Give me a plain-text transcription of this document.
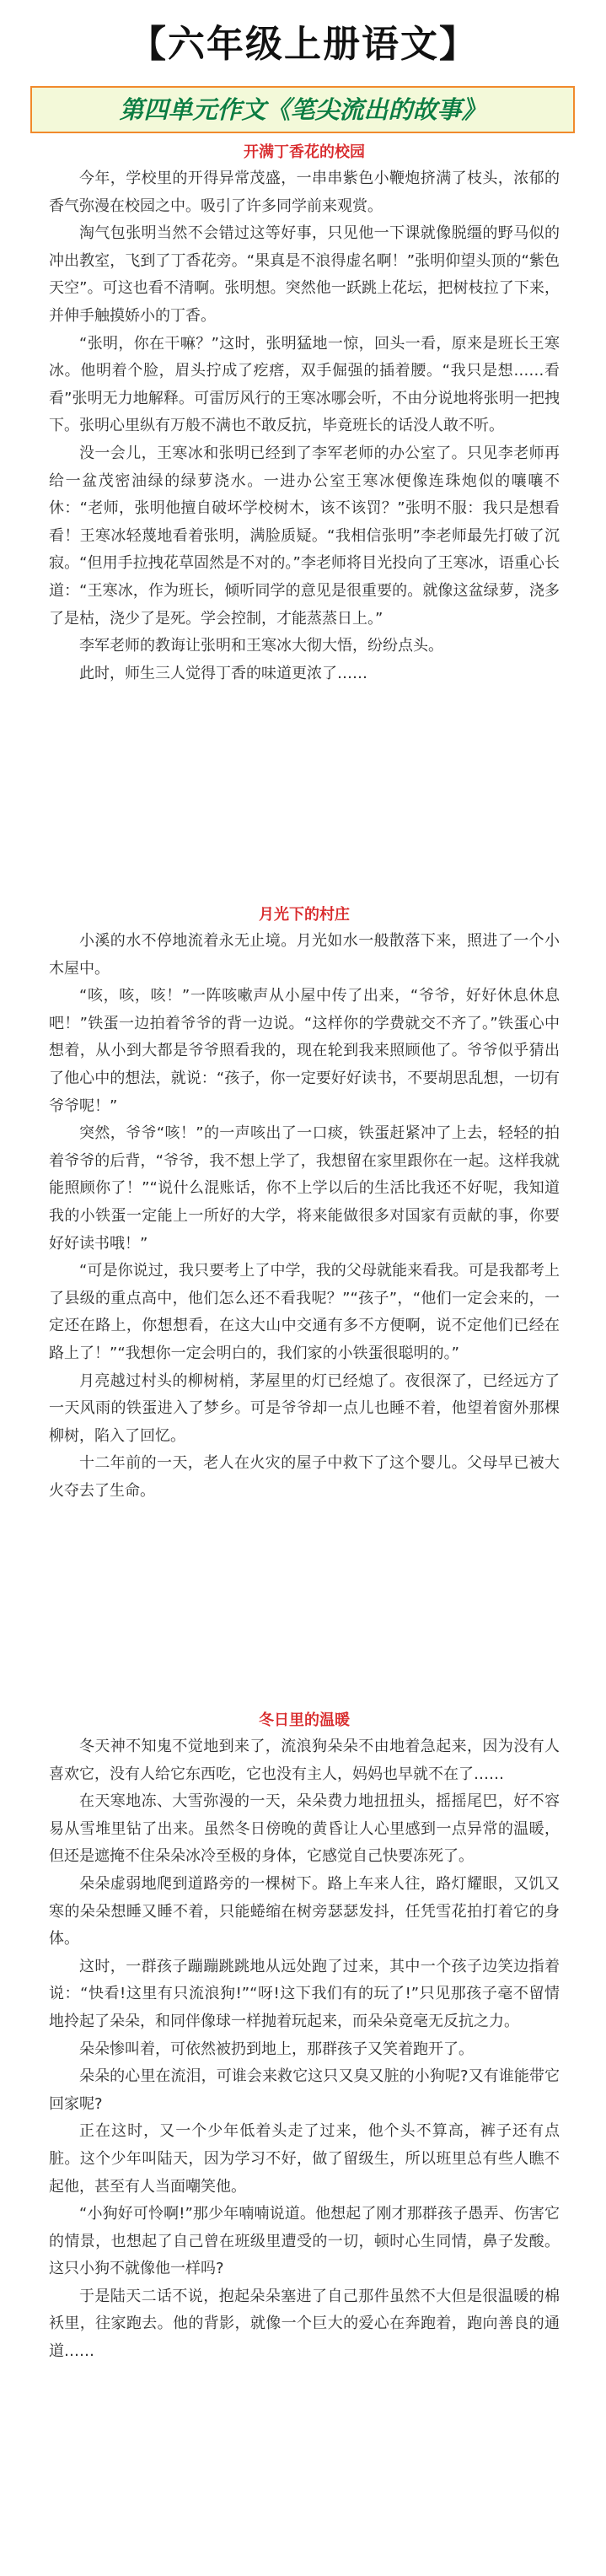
【六年级上册语文】
第四单元作文《笔尖流出的故事》
开满丁香花的校园

今年，学校里的开得异常茂盛，一串串紫色小鞭炮挤满了枝头，浓郁的香气弥漫在校园之中。吸引了许多同学前来观赏。

淘气包张明当然不会错过这等好事，只见他一下课就像脱缰的野马似的冲出教室，飞到了丁香花旁。“果真是不浪得虚名啊！”张明仰望头顶的“紫色天空”。可这也看不清啊。张明想。突然他一跃跳上花坛，把树枝拉了下来，并伸手触摸娇小的丁香。

“张明，你在干嘛？”这时，张明猛地一惊，回头一看，原来是班长王寒冰。他明着个脸，眉头拧成了疙瘩，双手倔强的插着腰。“我只是想……看看”张明无力地解释。可雷厉风行的王寒冰哪会听，不由分说地将张明一把拽下。张明心里纵有万般不满也不敢反抗，毕竟班长的话没人敢不听。

没一会儿，王寒冰和张明已经到了李军老师的办公室了。只见李老师再给一盆茂密油绿的绿萝浇水。一进办公室王寒冰便像连珠炮似的嚷嚷不休：“老师，张明他擅自破坏学校树木，该不该罚？”张明不服：我只是想看看！王寒冰轻蔑地看着张明，满脸质疑。“我相信张明”李老师最先打破了沉寂。“但用手拉拽花草固然是不对的。”李老师将目光投向了王寒冰，语重心长道：“王寒冰，作为班长，倾听同学的意见是很重要的。就像这盆绿萝，浇多了是枯，浇少了是死。学会控制，才能蒸蒸日上。”

李军老师的教诲让张明和王寒冰大彻大悟，纷纷点头。

此时，师生三人觉得丁香的味道更浓了……

月光下的村庄

小溪的水不停地流着永无止境。月光如水一般散落下来，照进了一个小木屋中。

“咳，咳，咳！”一阵咳嗽声从小屋中传了出来，“爷爷，好好休息休息吧！”铁蛋一边拍着爷爷的背一边说。“这样你的学费就交不齐了。”铁蛋心中想着，从小到大都是爷爷照看我的，现在轮到我来照顾他了。爷爷似乎猜出了他心中的想法，就说：“孩子，你一定要好好读书，不要胡思乱想，一切有爷爷呢！”

突然，爷爷“咳！”的一声咳出了一口痰，铁蛋赶紧冲了上去，轻轻的拍着爷爷的后背，“爷爷，我不想上学了，我想留在家里跟你在一起。这样我就能照顾你了！”“说什么混账话，你不上学以后的生活比我还不好呢，我知道我的小铁蛋一定能上一所好的大学，将来能做很多对国家有贡献的事，你要好好读书哦！”

“可是你说过，我只要考上了中学，我的父母就能来看我。可是我都考上了县级的重点高中，他们怎么还不看我呢？”“孩子”，“他们一定会来的，一定还在路上，你想想看，在这大山中交通有多不方便啊，说不定他们已经在路上了！”“我想你一定会明白的，我们家的小铁蛋很聪明的。”

月亮越过村头的柳树梢，茅屋里的灯已经熄了。夜很深了，已经远方了一天风雨的铁蛋进入了梦乡。可是爷爷却一点儿也睡不着，他望着窗外那棵柳树，陷入了回忆。

十二年前的一天，老人在火灾的屋子中救下了这个婴儿。父母早已被大火夺去了生命。

冬日里的温暖

冬天神不知鬼不觉地到来了，流浪狗朵朵不由地着急起来，因为没有人喜欢它，没有人给它东西吃，它也没有主人，妈妈也早就不在了……

在天寒地冻、大雪弥漫的一天，朵朵费力地扭扭头，摇摇尾巴，好不容易从雪堆里钻了出来。虽然冬日傍晚的黄昏让人心里感到一点异常的温暖，但还是遮掩不住朵朵冰冷至极的身体，它感觉自己快要冻死了。

朵朵虚弱地爬到道路旁的一棵树下。路上车来人往，路灯耀眼，又饥又寒的朵朵想睡又睡不着，只能蜷缩在树旁瑟瑟发抖，任凭雪花拍打着它的身体。

这时，一群孩子蹦蹦跳跳地从远处跑了过来，其中一个孩子边笑边指着说：“快看!这里有只流浪狗!”“呀!这下我们有的玩了!”只见那孩子毫不留情地拎起了朵朵，和同伴像球一样抛着玩起来，而朵朵竟毫无反抗之力。

朵朵惨叫着，可依然被扔到地上，那群孩子又笑着跑开了。

朵朵的心里在流泪，可谁会来救它这只又臭又脏的小狗呢?又有谁能带它回家呢?

正在这时，又一个少年低着头走了过来，他个头不算高，裤子还有点脏。这个少年叫陆天，因为学习不好，做了留级生，所以班里总有些人瞧不起他，甚至有人当面嘲笑他。

“小狗好可怜啊!”那少年喃喃说道。他想起了刚才那群孩子愚弄、伤害它的情景，也想起了自己曾在班级里遭受的一切，顿时心生同情，鼻子发酸。这只小狗不就像他一样吗?

于是陆天二话不说，抱起朵朵塞进了自己那件虽然不大但是很温暖的棉袄里，往家跑去。他的背影，就像一个巨大的爱心在奔跑着，跑向善良的通道……
